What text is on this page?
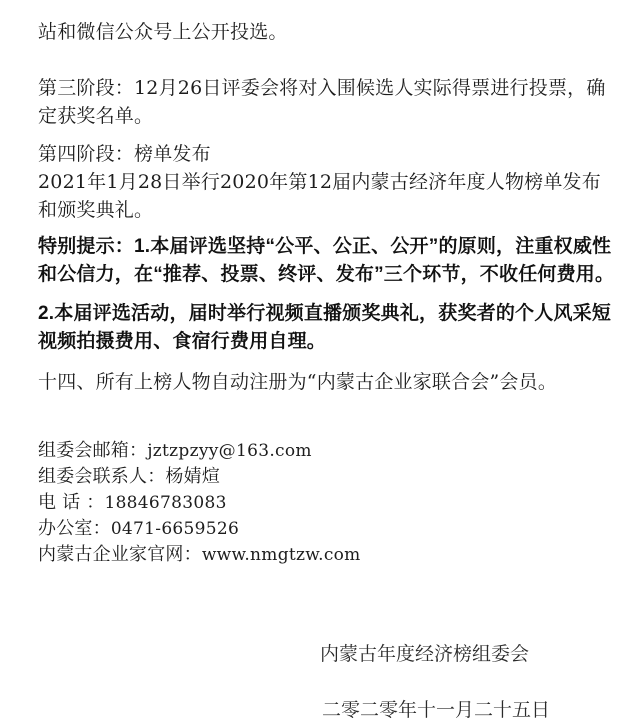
站和微信公众号上公开投选。

第三阶段：12月26日评委会将对入围候选人实际得票进行投票，确定获奖名单。

第四阶段：榜单发布

2021年1月28日举行2020年第12届内蒙古经济年度人物榜单发布和颁奖典礼。

特别提示：1.本届评选坚持“公平、公正、公开”的原则，注重权威性和公信力，在“推荐、投票、终评、发布”三个环节，不收任何费用。

2.本届评选活动，届时举行视频直播颁奖典礼，获奖者的个人风采短视频拍摄费用、食宿行费用自理。

十四、所有上榜人物自动注册为“内蒙古企业家联合会”会员。

组委会邮箱：jztzpzyy@163.com

组委会联系人：杨婧煊

电 话 ：18846783083

办公室：0471-6659526

内蒙古企业家官网：www.nmgtzw.com

内蒙古年度经济榜组委会

二零二零年十一月二十五日
